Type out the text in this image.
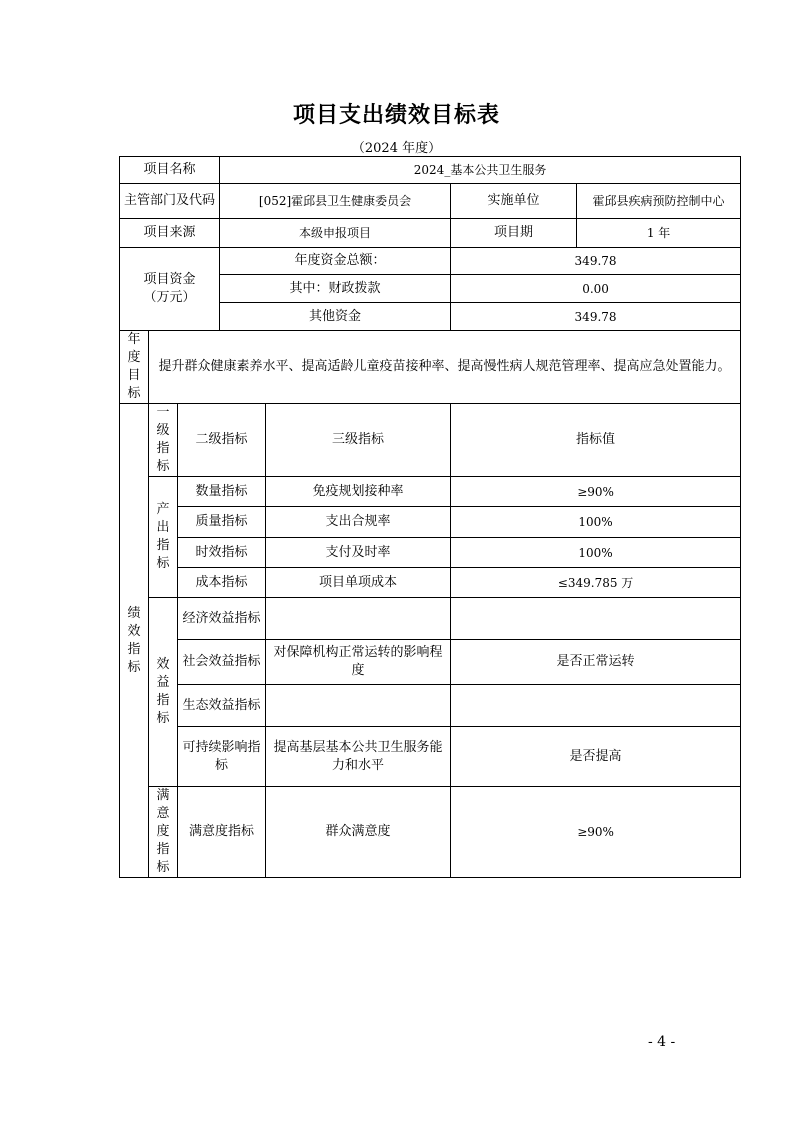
项目支出绩效目标表
（2024 年度）
项目名称			2024_基本公共卫生服务			
主管部门及代码			[052]霍邱县卫生健康委员会		实施单位	霍邱县疾病预防控制中心
项目来源			本级申报项目		项目期	1 年
项目资金（万元）			年度资金总额：		349.78	
			其中：财政拨款		0.00	
			其他资金		349.78	
年度目标	提升群众健康素养水平、提高适龄儿童疫苗接种率、提高慢性病人规范管理率、提高应急处置能力。					
绩效指标	一级指标	二级指标		三级指标	指标值	
	产出指标	数量指标		免疫规划接种率	≥90%	
		质量指标		支出合规率	100%	
		时效指标		支付及时率	100%	
		成本指标		项目单项成本	≤349.785 万	
	效益指标	经济效益指标				
		社会效益指标		对保障机构正常运转的影响程度	是否正常运转	
		生态效益指标				
		可持续影响指标		提高基层基本公共卫生服务能力和水平	是否提高	
	满意度指标	满意度指标		群众满意度	≥90%	
- 4 -
